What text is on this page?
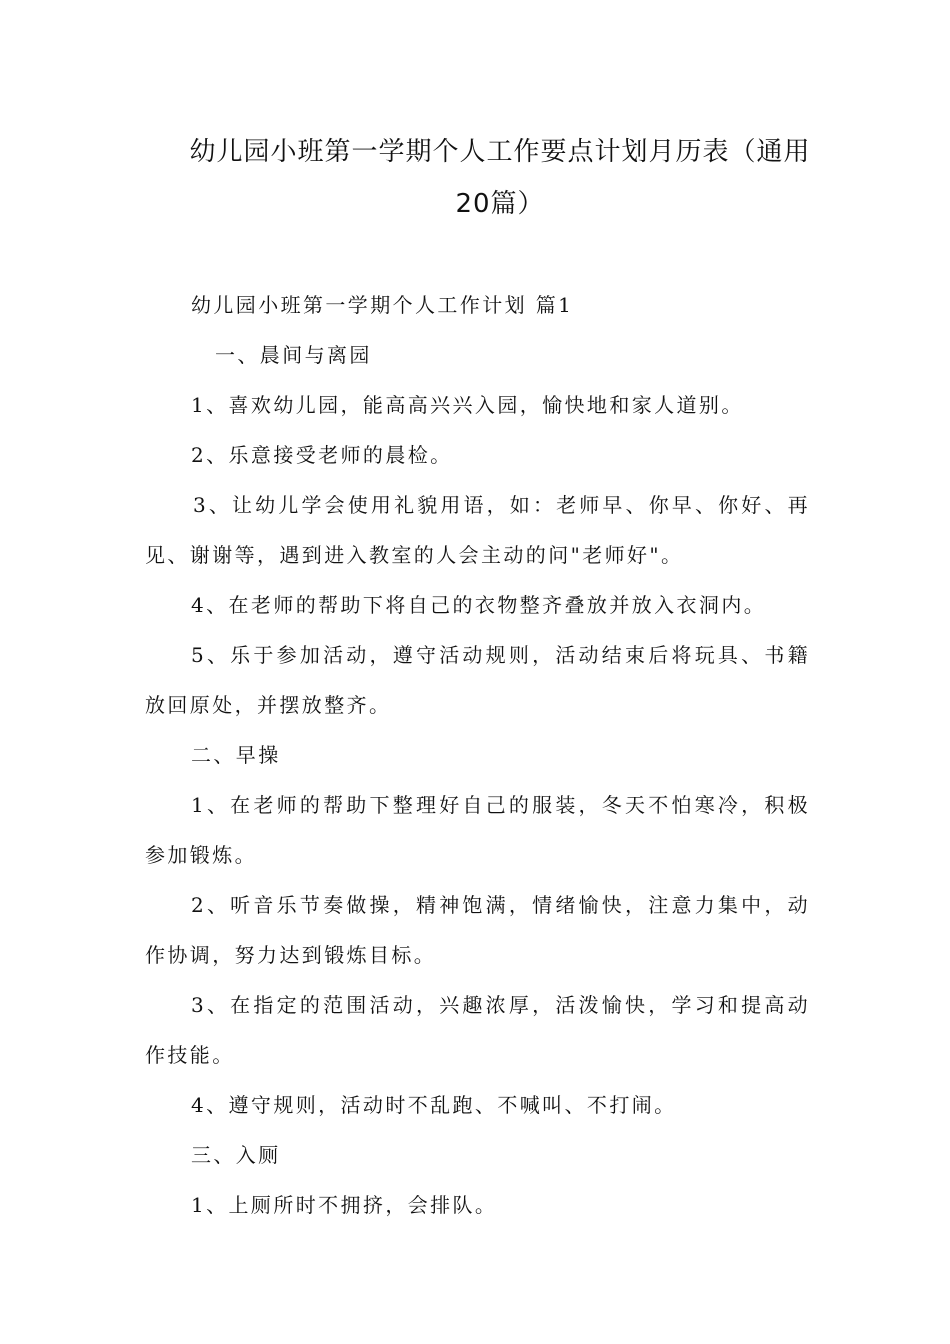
幼儿园小班第一学期个人工作要点计划月历表（通用
20篇）

幼儿园小班第一学期个人工作计划 篇1

一、晨间与离园

1、喜欢幼儿园，能高高兴兴入园，愉快地和家人道别。

2、乐意接受老师的晨检。

3、让幼儿学会使用礼貌用语，如：老师早、你早、你好、再见、谢谢等，遇到进入教室的人会主动的问"老师好"。

4、在老师的帮助下将自己的衣物整齐叠放并放入衣洞内。

5、乐于参加活动，遵守活动规则，活动结束后将玩具、书籍放回原处，并摆放整齐。

二、早操

1、在老师的帮助下整理好自己的服装，冬天不怕寒冷，积极参加锻炼。

2、听音乐节奏做操，精神饱满，情绪愉快，注意力集中，动作协调，努力达到锻炼目标。

3、在指定的范围活动，兴趣浓厚，活泼愉快，学习和提高动作技能。

4、遵守规则，活动时不乱跑、不喊叫、不打闹。

三、入厕

1、上厕所时不拥挤，会排队。
